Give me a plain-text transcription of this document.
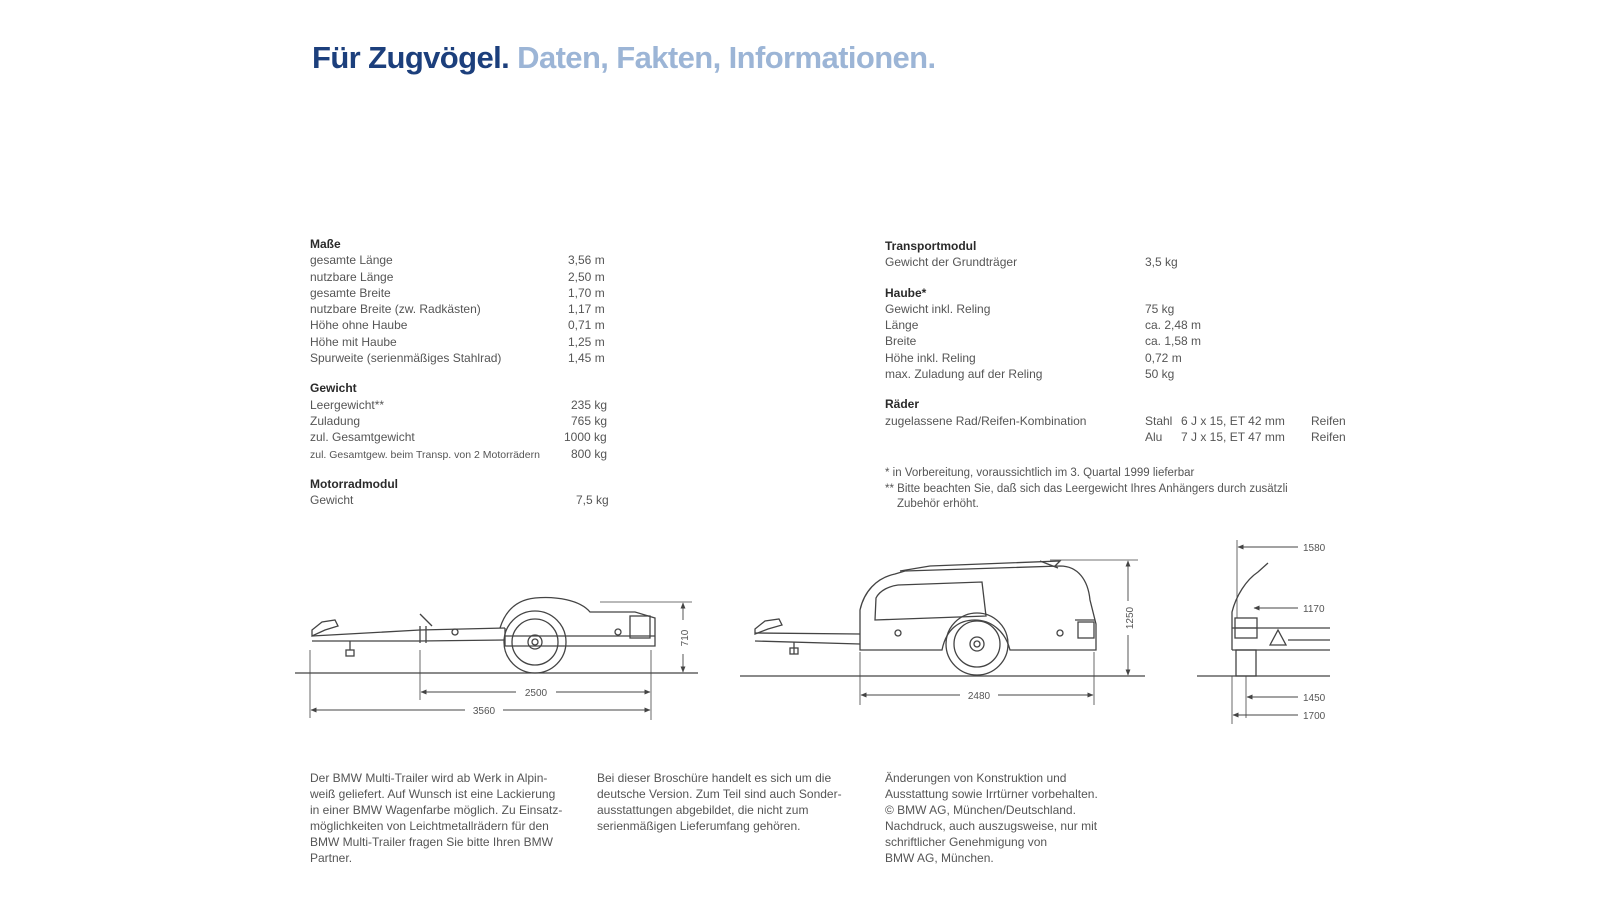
Für Zugvögel. Daten, Fakten, Informationen.
Maße
gesamte Länge	3,56 m
nutzbare Länge	2,50 m
gesamte Breite	1,70 m
nutzbare Breite (zw. Radkästen)	1,17 m
Höhe ohne Haube	0,71 m
Höhe mit Haube	1,25 m
Spurweite (serienmäßiges Stahlrad)	1,45 m
Gewicht
Leergewicht**	235 kg
Zuladung	765 kg
zul. Gesamtgewicht	1000 kg
zul. Gesamtgew. beim Transp. von 2 Motorrädern	800 kg
Motorradmodul
Gewicht	7,5 kg
Transportmodul
Gewicht der Grundträger	3,5 kg
Haube*
Gewicht inkl. Reling	75 kg
Länge	ca. 2,48 m
Breite	ca. 1,58 m
Höhe inkl. Reling	0,72 m
max. Zuladung auf der Reling	50 kg
Räder
zugelassene Rad/Reifen-Kombination	Stahl 6 J x 15, ET 42 mm Reifen
Alu 7 J x 15, ET 47 mm Reifen
* in Vorbereitung, voraussichtlich im 3. Quartal 1999 lieferbar
** Bitte beachten Sie, daß sich das Leergewicht Ihres Anhängers durch zusätzli
Zubehör erhöht.
710
2500
3560
1250
2480
1580
1170
1450
1700
Der BMW Multi-Trailer wird ab Werk in Alpin-
weiß geliefert. Auf Wunsch ist eine Lackierung
in einer BMW Wagenfarbe möglich. Zu Einsatz-
möglichkeiten von Leichtmetallrädern für den
BMW Multi-Trailer fragen Sie bitte Ihren BMW
Partner.
Bei dieser Broschüre handelt es sich um die
deutsche Version. Zum Teil sind auch Sonder-
ausstattungen abgebildet, die nicht zum
serienmäßigen Lieferumfang gehören.
Änderungen von Konstruktion und
Ausstattung sowie Irrtürner vorbehalten.
© BMW AG, München/Deutschland.
Nachdruck, auch auszugsweise, nur mit
schriftlicher Genehmigung von
BMW AG, München.
